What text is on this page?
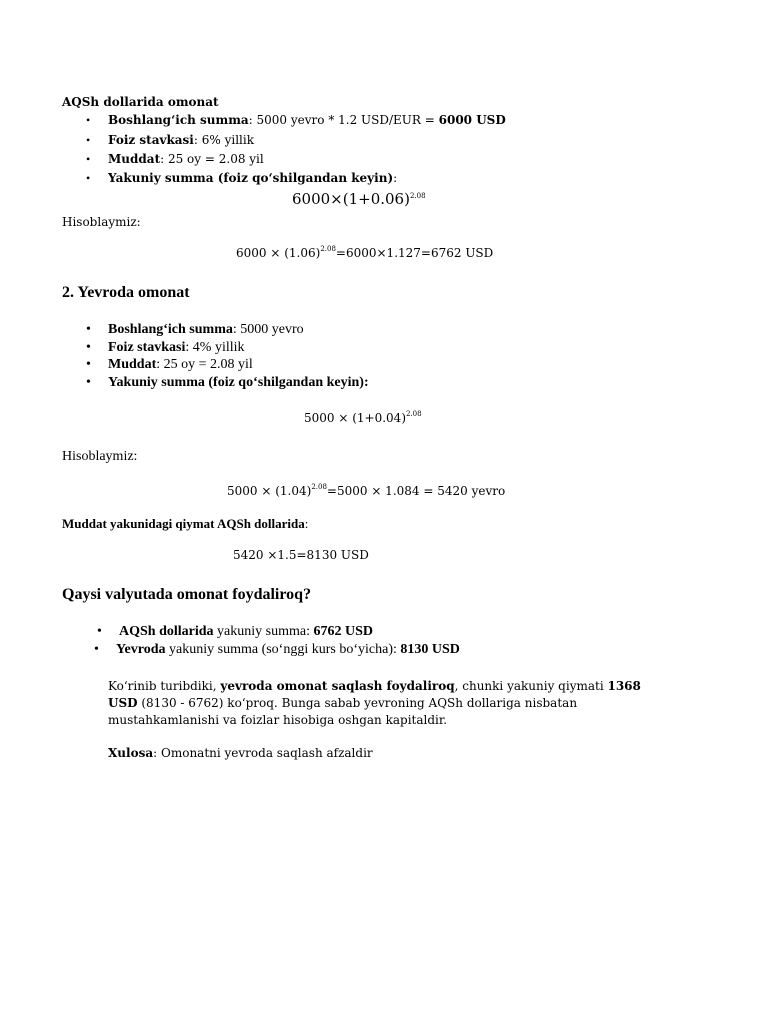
AQSh dollarida omonat
• Boshlang‘ich summa: 5000 yevro * 1.2 USD/EUR = 6000 USD
• Foiz stavkasi: 6% yillik
• Muddat: 25 oy = 2.08 yil
• Yakuniy summa (foiz qo‘shilgandan keyin):
$6000\times(1+0.06)^{2.08}$
Hisoblaymiz:
$6000 \times (1.06)^{2.08}=6000\times 1.127=6762$ USD
2. Yevroda omonat
• Boshlang‘ich summa: 5000 yevro
• Foiz stavkasi: 4% yillik
• Muddat: 25 oy = 2.08 yil
• Yakuniy summa (foiz qo‘shilgandan keyin):
$5000 \times (1+0.04)^{2.08}$
Hisoblaymiz:
$5000 \times (1.04)^{2.08}=5000 \times 1.084 = 5420$ yevro
Muddat yakunidagi qiymat AQSh dollarida:
5420 ×1.5=8130 USD
Qaysi valyutada omonat foydaliroq?
• AQSh dollarida yakuniy summa: 6762 USD
• Yevroda yakuniy summa (so‘nggi kurs bo‘yicha): 8130 USD
Ko‘rinib turibdiki, yevroda omonat saqlash foydaliroq, chunki yakuniy qiymati 1368 USD (8130 - 6762) ko‘proq. Bunga sabab yevroning AQSh dollariga nisbatan mustahkamlanishi va foizlar hisobiga oshgan kapitaldir.
Xulosa: Omonatni yevroda saqlash afzaldir
